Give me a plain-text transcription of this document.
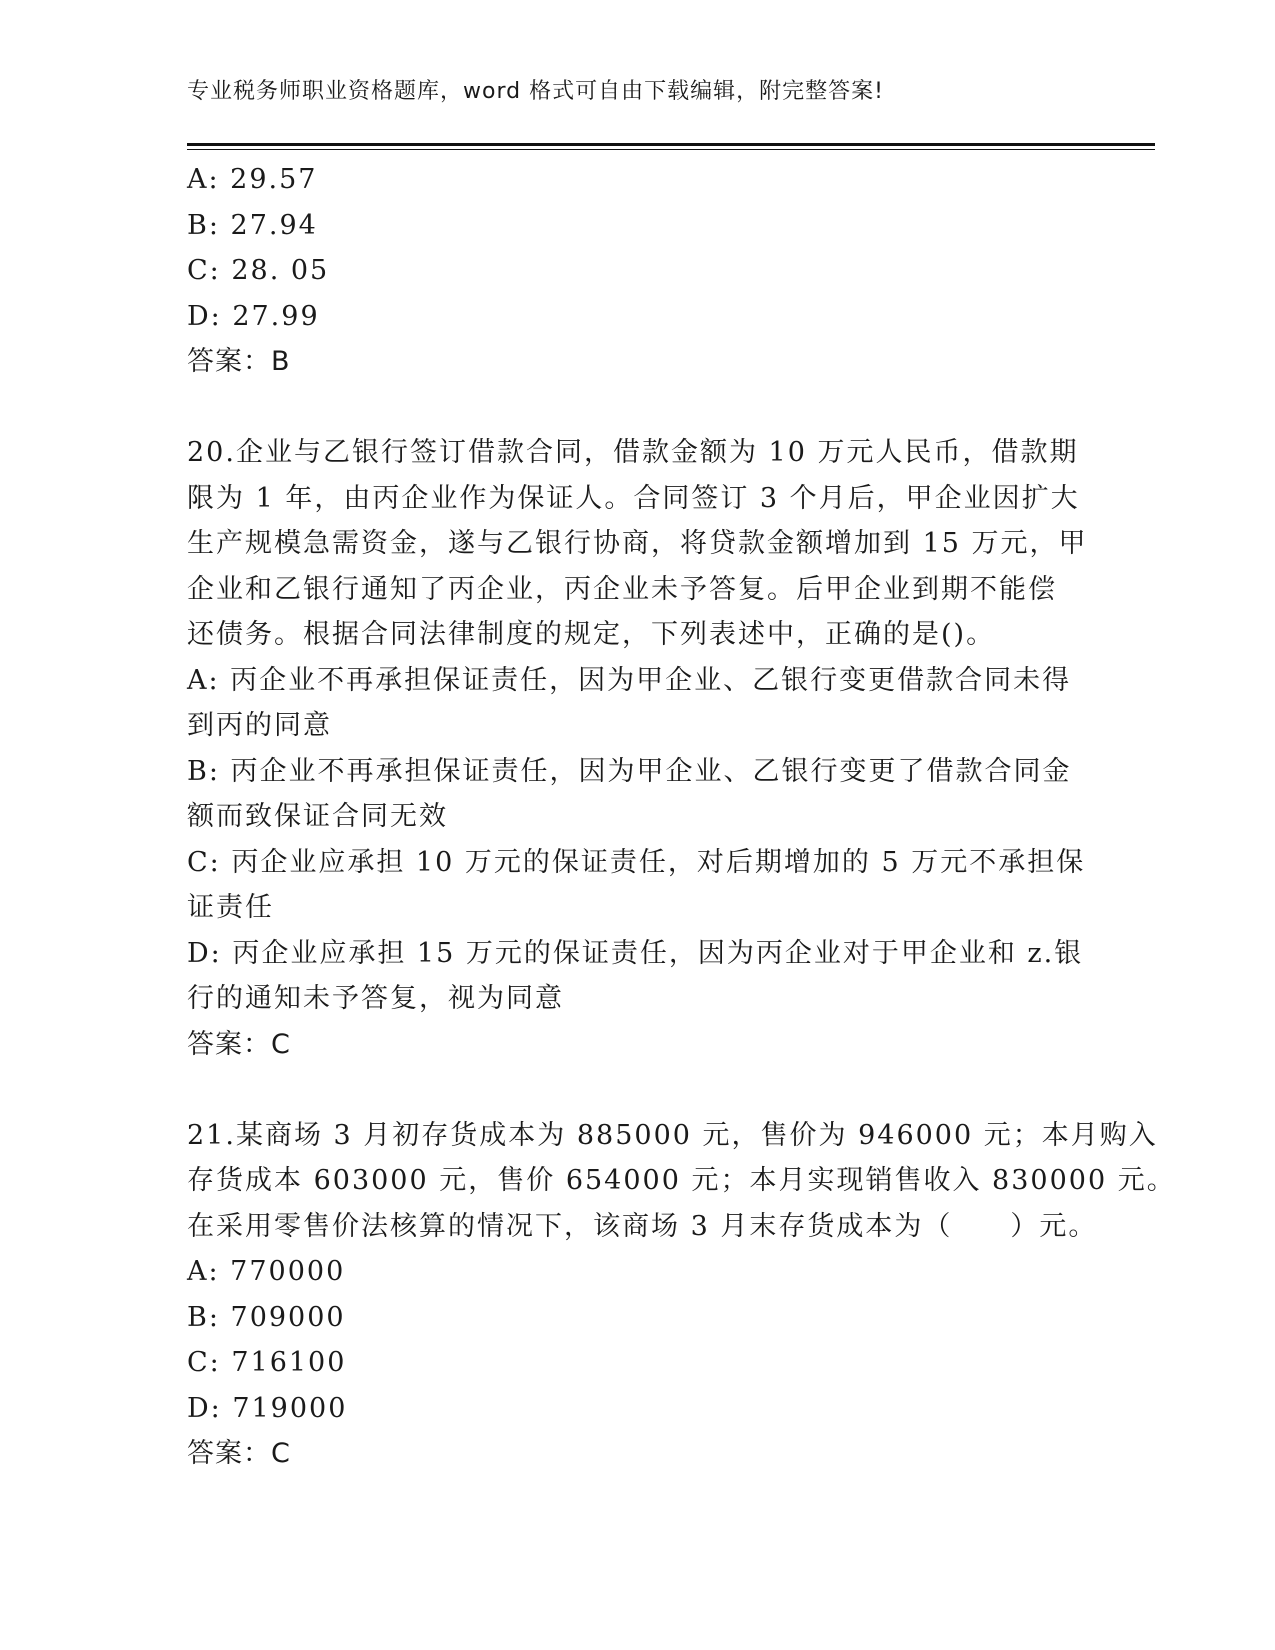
专业税务师职业资格题库，word 格式可自由下载编辑，附完整答案!
A: 29.57
B: 27.94
C: 28. 05
D: 27.99
答案：B
20.企业与乙银行签订借款合同，借款金额为 10 万元人民币，借款期
限为 1 年，由丙企业作为保证人。合同签订 3 个月后，甲企业因扩大
生产规模急需资金，遂与乙银行协商，将贷款金额增加到 15 万元，甲
企业和乙银行通知了丙企业，丙企业未予答复。后甲企业到期不能偿
还债务。根据合同法律制度的规定，下列表述中，正确的是()。
A: 丙企业不再承担保证责任，因为甲企业、乙银行变更借款合同未得
到丙的同意
B: 丙企业不再承担保证责任，因为甲企业、乙银行变更了借款合同金
额而致保证合同无效
C: 丙企业应承担 10 万元的保证责任，对后期增加的 5 万元不承担保
证责任
D: 丙企业应承担 15 万元的保证责任，因为丙企业对于甲企业和 z.银
行的通知未予答复，视为同意
答案：C
21.某商场 3 月初存货成本为 885000 元，售价为 946000 元；本月购入
存货成本 603000 元，售价 654000 元；本月实现销售收入 830000 元。
在采用零售价法核算的情况下，该商场 3 月末存货成本为（　　）元。
A: 770000
B: 709000
C: 716100
D: 719000
答案：C
